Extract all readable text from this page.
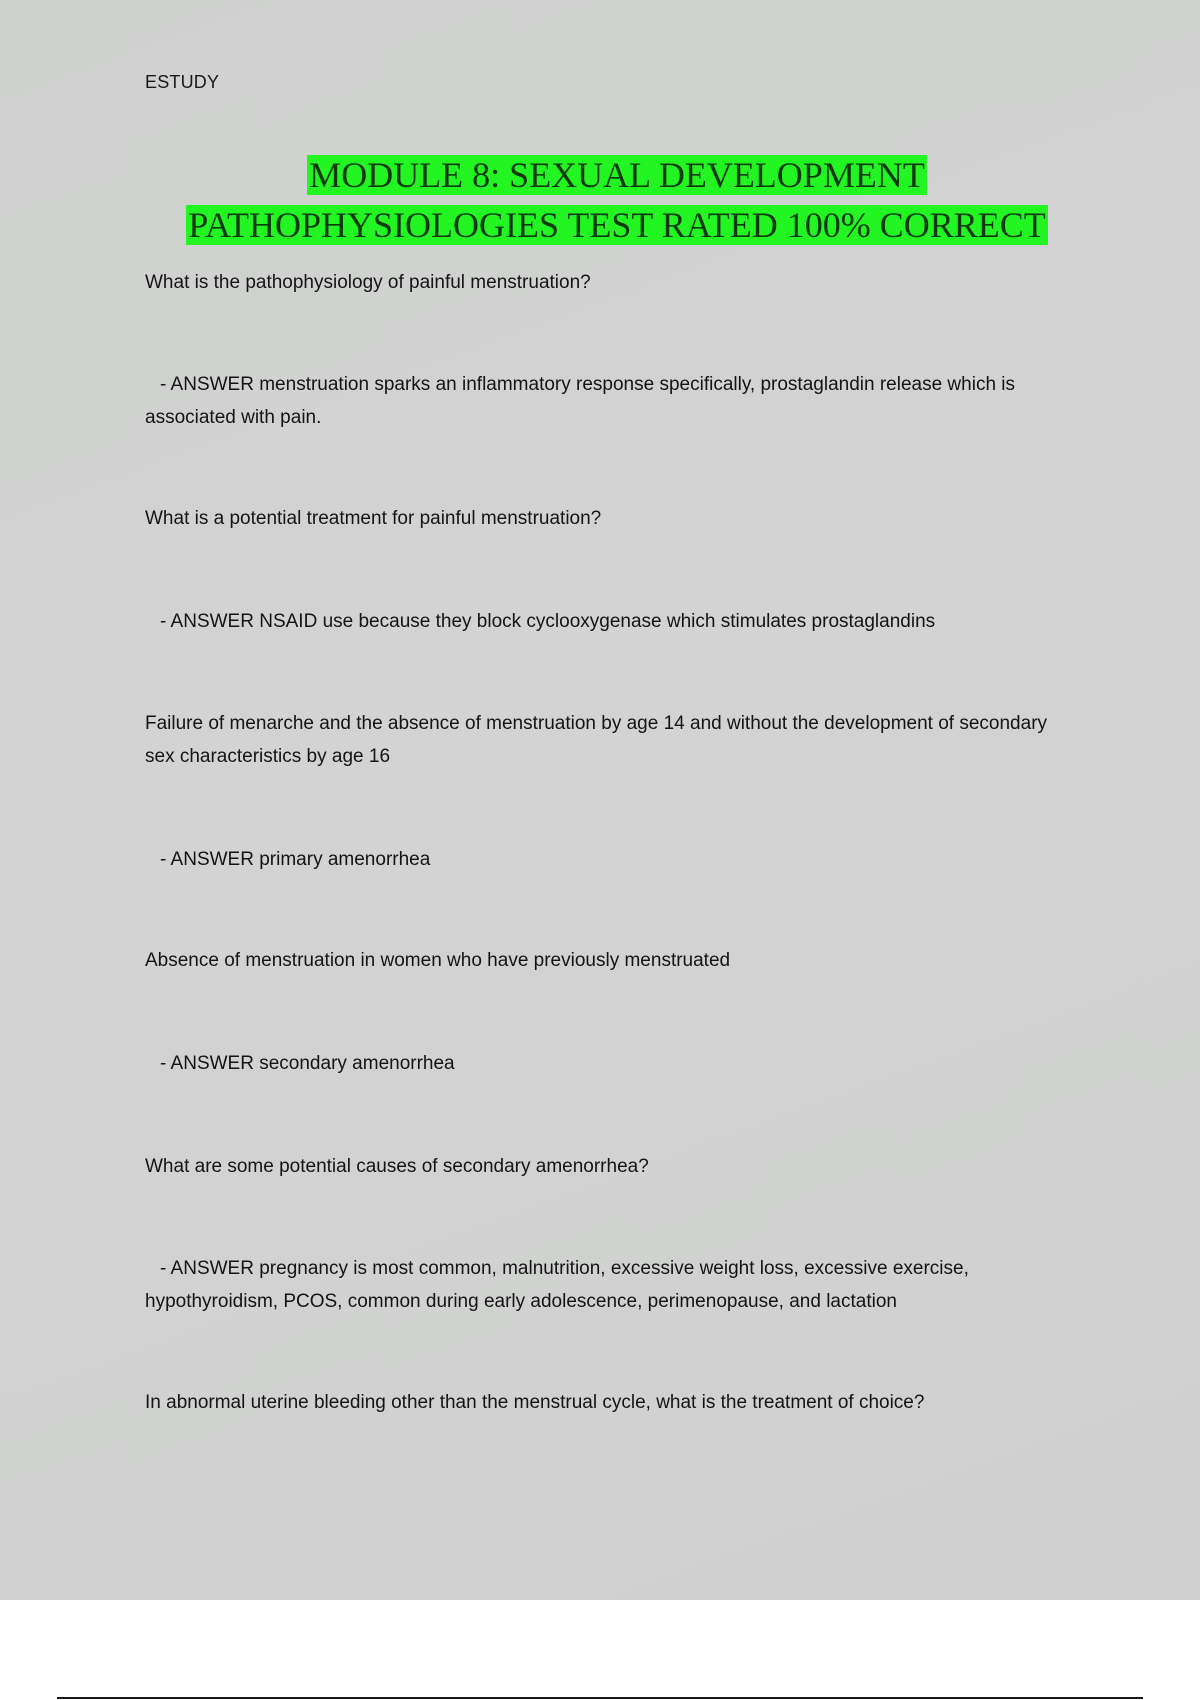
ESTUDY
MODULE 8: SEXUAL DEVELOPMENT
PATHOPHYSIOLOGIES TEST RATED 100% CORRECT
What is the pathophysiology of painful menstruation?
- ANSWER menstruation sparks an inflammatory response specifically, prostaglandin release which is associated with pain.
What is a potential treatment for painful menstruation?
- ANSWER NSAID use because they block cyclooxygenase which stimulates prostaglandins
Failure of menarche and the absence of menstruation by age 14 and without the development of secondary sex characteristics by age 16
- ANSWER primary amenorrhea
Absence of menstruation in women who have previously menstruated
- ANSWER secondary amenorrhea
What are some potential causes of secondary amenorrhea?
- ANSWER pregnancy is most common, malnutrition, excessive weight loss, excessive exercise, hypothyroidism, PCOS, common during early adolescence, perimenopause, and lactation
In abnormal uterine bleeding other than the menstrual cycle, what is the treatment of choice?
